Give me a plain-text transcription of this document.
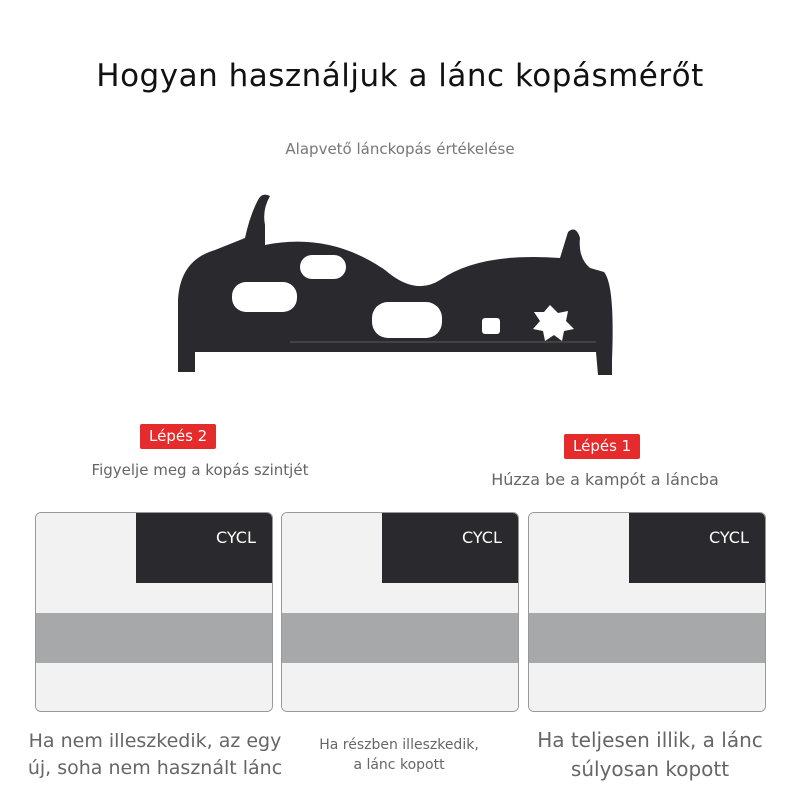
Hogyan használjuk a lánc kopásmérőt
Alapvető lánckopás értékelése
Lépés 2
Lépés 1
Figyelje meg a kopás szintjét	Húzza be a kampót a láncba
CYCL	CYCL	CYCL
Ha nem illeszkedik, az egy
új, soha nem használt lánc
Ha részben illeszkedik,
a lánc kopott
Ha teljesen illik, a lánc
súlyosan kopott
